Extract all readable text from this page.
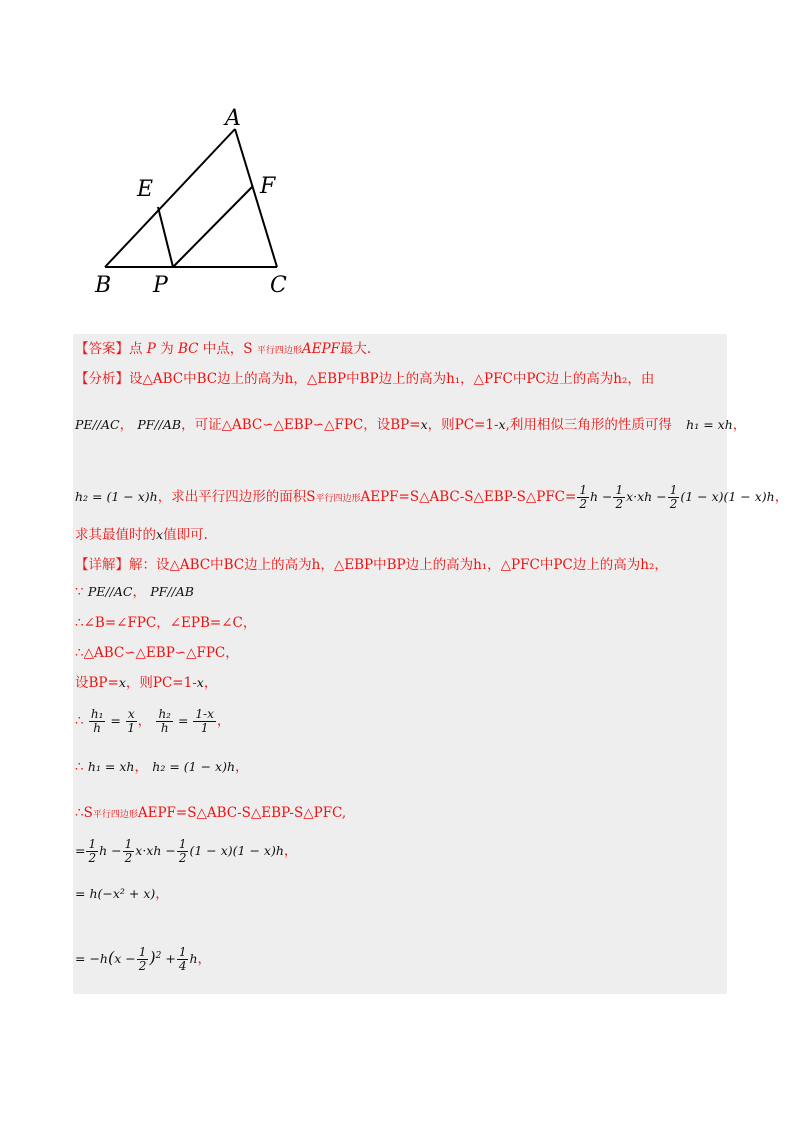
A
E	F
B P	C
【答案】点 P 为 BC 中点，S 平行四边形AEPF最大.
【分析】设△ABC中BC边上的高为h，△EBP中BP边上的高为h₁，△PFC中PC边上的高为h₂，由
PE//AC， PF//AB，可证△ABC∽△EBP∽△FPC，设BP=x，则PC=1-x,利用相似三角形的性质可得 h₁ = xh，
h₂ = (1 − x)h，求出平行四边形的面积S平行四边形AEPF=S△ABC-S△EBP-S△PFC= $\frac{1}{2}$ $h - \frac{1}{2} x\cdot xh - \frac{1}{2} (1 - x)(1 - x)h$，
求其最值时的x值即可.
【详解】解：设△ABC中BC边上的高为h，△EBP中BP边上的高为h₁，△PFC中PC边上的高为h₂，
∵ PE//AC， PF//AB
∴∠B=∠FPC，∠EPB=∠C，
∴△ABC∽△EBP∽△FPC，
设BP=x，则PC=1-x，
∴ $\frac{\text{h₁}}{h} = \frac{x}{1}$ ， $\frac{\text{h₂}}{h} = \frac{1-x}{1}$ ，
∴ h₁ = xh， h₂ = (1 − x)h，
∴S平行四边形AEPF=S△ABC-S△EBP-S△PFC,
= $\frac{1}{2}$ $h - \frac{1}{2} x\cdot xh - \frac{1}{2} (1 - x)(1 - x)h$，
= h(−x² + x)，
= $-h(x - \frac{1}{2} )^2 + \frac{1}{4}$ h，
